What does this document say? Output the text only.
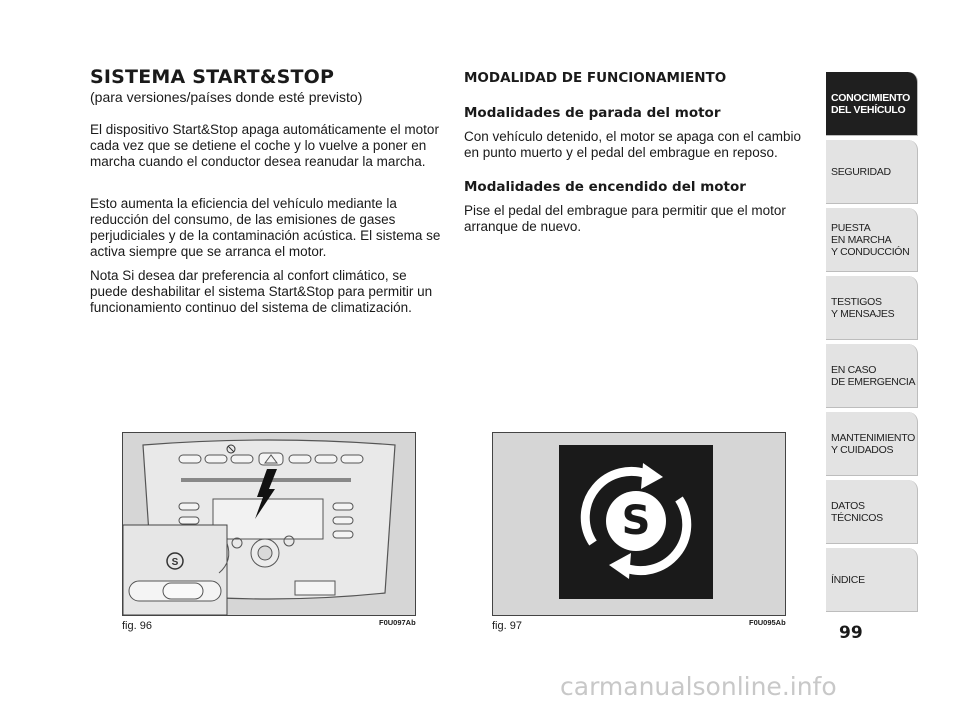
SISTEMA START&STOP
(para versiones/países donde esté previsto)

El dispositivo Start&Stop apaga automáticamente el motor cada vez que se detiene el coche y lo vuelve a poner en marcha cuando el conductor desea reanudar la marcha.

Esto aumenta la eficiencia del vehículo mediante la reducción del consumo, de las emisiones de gases perjudiciales y de la contaminación acústica. El sistema se activa siempre que se arranca el motor.

Nota Si desea dar preferencia al confort climático, se puede deshabilitar el sistema Start&Stop para permitir un funcionamiento continuo del sistema de climatización.

MODALIDAD DE FUNCIONAMIENTO
Modalidades de parada del motor

Con vehículo detenido, el motor se apaga con el cambio en punto muerto y el pedal del embrague en reposo.

Modalidades de encendido del motor

Pise el pedal del embrague para permitir que el motor arranque de nuevo.

S
fig. 96	F0U097Ab
S
fig. 97	F0U095Ab
CONOCIMIENTO
DEL VEHÍCULO
SEGURIDAD
PUESTA
EN MARCHA
Y CONDUCCIÓN
TESTIGOS
Y MENSAJES
EN CASO
DE EMERGENCIA
MANTENIMIENTO
Y CUIDADOS
DATOS TÉCNICOS
ÍNDICE
99
carmanualsonline.info
